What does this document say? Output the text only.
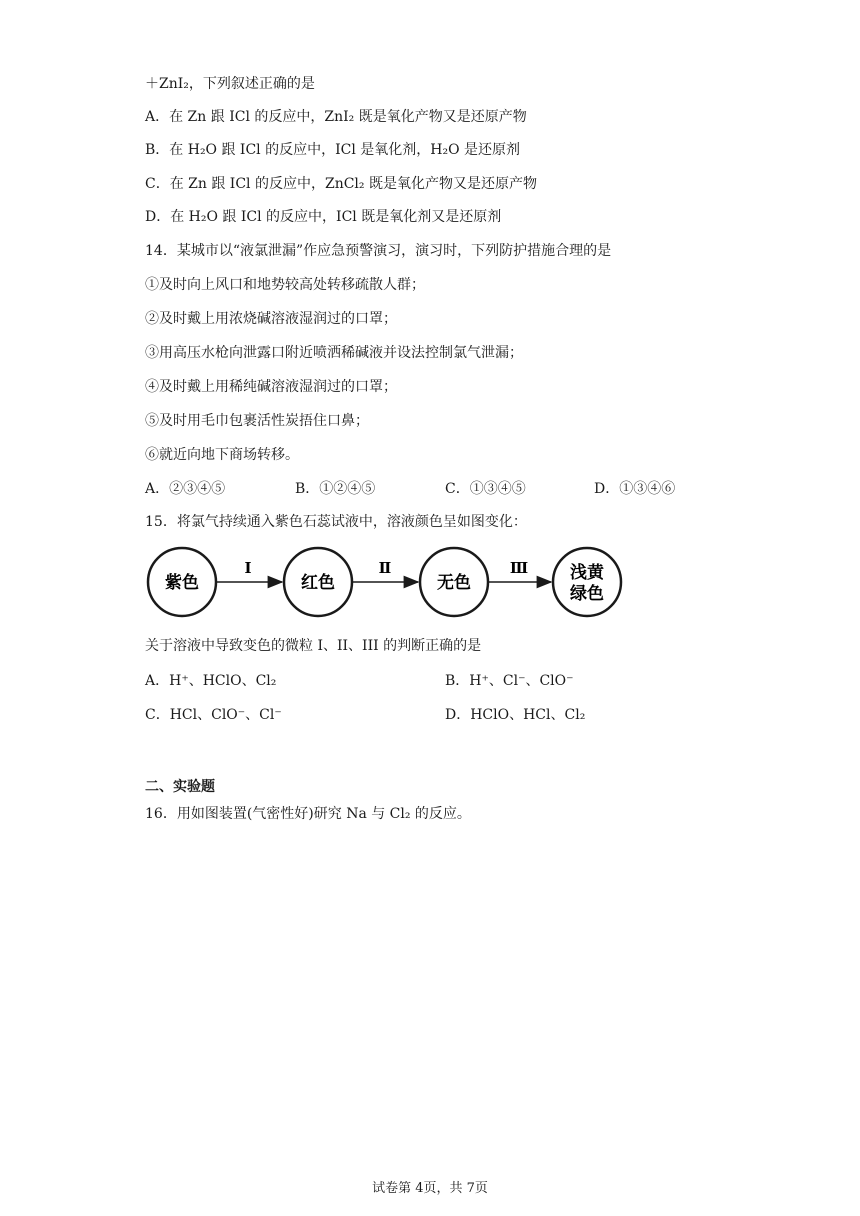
＋ZnI₂，下列叙述正确的是
A．在 Zn 跟 ICl 的反应中，ZnI₂ 既是氧化产物又是还原产物
B．在 H₂O 跟 ICl 的反应中，ICl 是氧化剂，H₂O 是还原剂
C．在 Zn 跟 ICl 的反应中，ZnCl₂ 既是氧化产物又是还原产物
D．在 H₂O 跟 ICl 的反应中，ICl 既是氧化剂又是还原剂
14．某城市以“液氯泄漏”作应急预警演习，演习时，下列防护措施合理的是
①及时向上风口和地势较高处转移疏散人群；
②及时戴上用浓烧碱溶液湿润过的口罩；
③用高压水枪向泄露口附近喷洒稀碱液并设法控制氯气泄漏；
④及时戴上用稀纯碱溶液湿润过的口罩；
⑤及时用毛巾包裹活性炭捂住口鼻；
⑥就近向地下商场转移。
A．②③④⑤	B．①②④⑤	C．①③④⑤	D．①③④⑥
15．将氯气持续通入紫色石蕊试液中，溶液颜色呈如图变化：
紫色	红色	无色	浅黄
绿色
I	Ⅱ	Ⅲ
关于溶液中导致变色的微粒 I、II、III 的判断正确的是
A．H⁺、HClO、Cl₂	B．H⁺、Cl⁻、ClO⁻
C．HCl、ClO⁻、Cl⁻	D．HClO、HCl、Cl₂
二、实验题
16．用如图装置(气密性好)研究 Na 与 Cl₂ 的反应。
试卷第 4页，共 7页
